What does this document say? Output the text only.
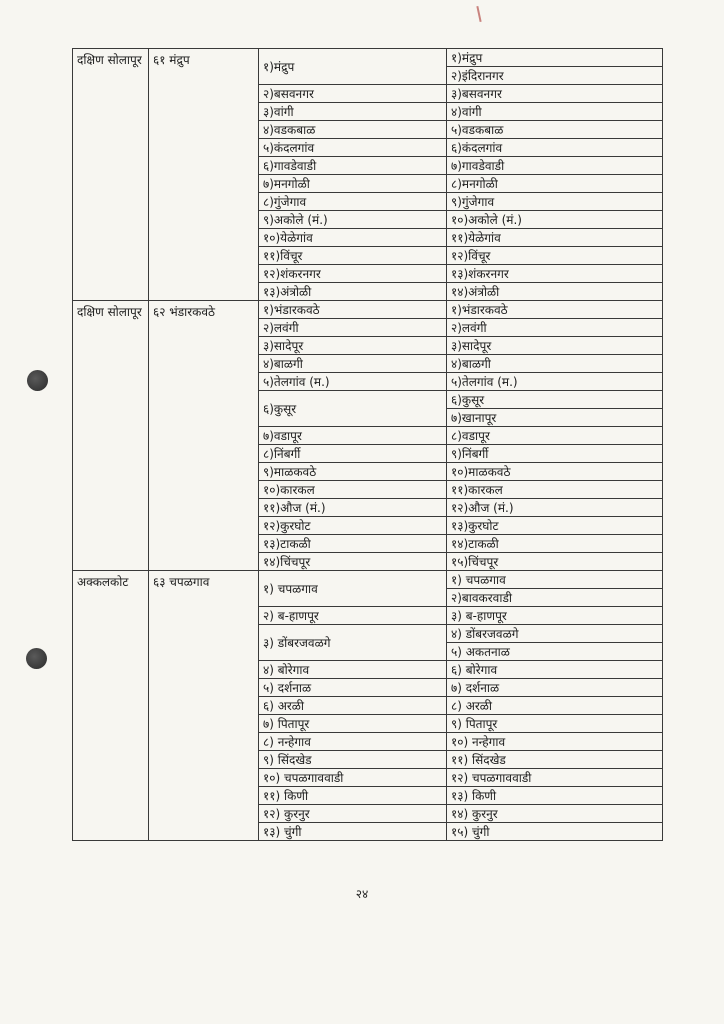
दक्षिण सोलापूर	६१ मंद्रुप	१)मंद्रुप	१)मंद्रुप
			२)इंदिरानगर
		२)बसवनगर	३)बसवनगर
		३)वांगी	४)वांगी
		४)वडकबाळ	५)वडकबाळ
		५)कंदलगांव	६)कंदलगांव
		६)गावडेवाडी	७)गावडेवाडी
		७)मनगोळी	८)मनगोळी
		८)गुंजेगाव	९)गुंजेगाव
		९)अकोले (मं.)	१०)अकोले (मं.)
		१०)येळेगांव	११)येळेगांव
		११)विंचूर	१२)विंचूर
		१२)शंकरनगर	१३)शंकरनगर
		१३)अंत्रोळी	१४)अंत्रोळी
दक्षिण सोलापूर	६२ भंडारकवठे	१)भंडारकवठे	१)भंडारकवठे
		२)लवंगी	२)लवंगी
		३)सादेपूर	३)सादेपूर
		४)बाळगी	४)बाळगी
		५)तेलगांव (म.)	५)तेलगांव (म.)
		६)कुसूर	६)कुसूर
			७)खानापूर
		७)वडापूर	८)वडापूर
		८)निंबर्गी	९)निंबर्गी
		९)माळकवठे	१०)माळकवठे
		१०)कारकल	११)कारकल
		११)औज (मं.)	१२)औज (मं.)
		१२)कुरघोट	१३)कुरघोट
		१३)टाकळी	१४)टाकळी
		१४)चिंचपूर	१५)चिंचपूर
अक्कलकोट	६३ चपळगाव	१) चपळगाव	१) चपळगाव
			२)बावकरवाडी
		२) ब-हाणपूर	३) ब-हाणपूर
		३) डोंबरजवळगे	४) डोंबरजवळगे
			५) अकतनाळ
		४) बोरेगाव	६) बोरेगाव
		५) दर्शनाळ	७) दर्शनाळ
		६) अरळी	८) अरळी
		७) पितापूर	९) पितापूर
		८) नन्हेगाव	१०) नन्हेगाव
		९) सिंदखेड	११) सिंदखेड
		१०) चपळगाववाडी	१२) चपळगाववाडी
		११) किणी	१३) किणी
		१२) कुरनुर	१४) कुरनुर
		१३) चुंगी	१५) चुंगी
२४
